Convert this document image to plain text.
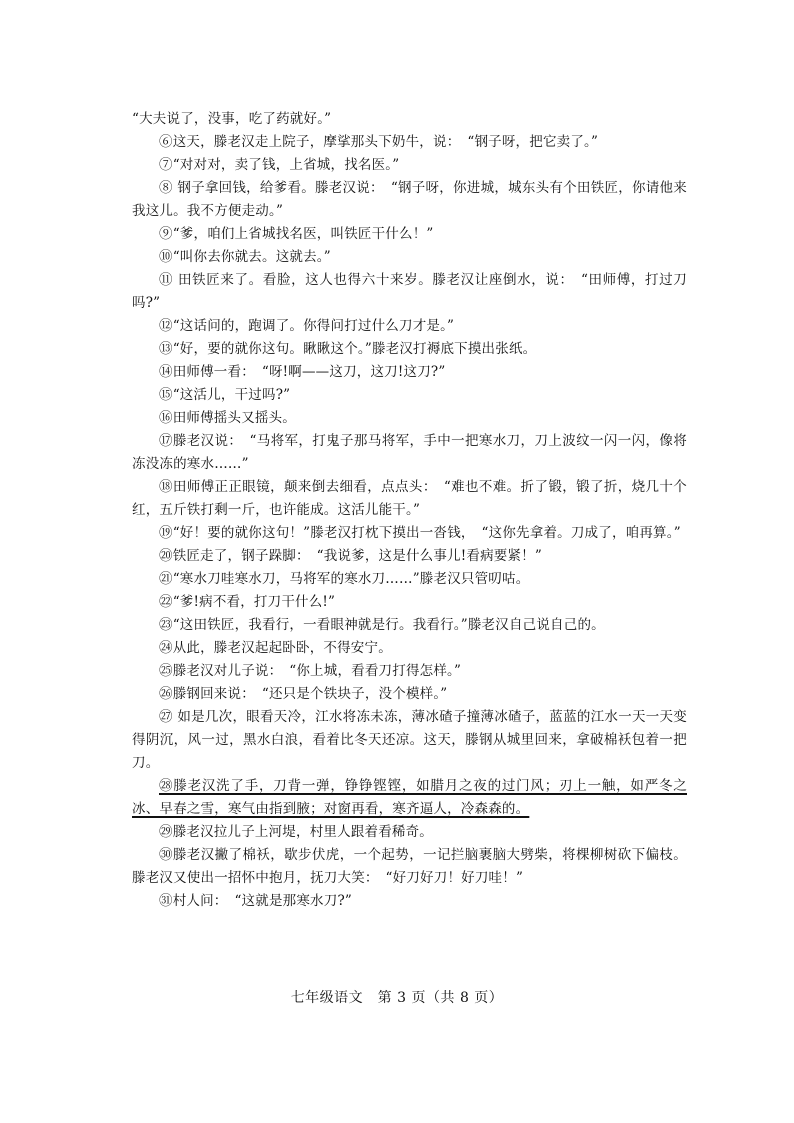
“大夫说了，没事，吃了药就好。”

⑥这天，滕老汉走上院子，摩挲那头下奶牛，说：　“钢子呀，把它卖了。”

⑦“对对对，卖了钱，上省城，找名医。”

⑧ 钢子拿回钱，给爹看。滕老汉说：　“钢子呀，你进城，城东头有个田铁匠，你请他来我这儿。我不方便走动。”

⑨“爹，咱们上省城找名医，叫铁匠干什么！”

⑩“叫你去你就去。这就去。”

⑪ 田铁匠来了。看脸，这人也得六十来岁。滕老汉让座倒水，说：　“田师傅，打过刀吗?”

⑫“这话问的，跑调了。你得问打过什么刀才是。”

⑬“好，要的就你这句。瞅瞅这个。”滕老汉打褥底下摸出张纸。

⑭田师傅一看：　“呀!啊——这刀，这刀!这刀?”

⑮“这活儿，干过吗?”

⑯田师傅摇头又摇头。

⑰滕老汉说：　“马将军，打鬼子那马将军，手中一把寒水刀，刀上波纹一闪一闪，像将冻没冻的寒水……”

⑱田师傅正正眼镜，颠来倒去细看，点点头：　“难也不难。折了锻，锻了折，烧几十个红，五斤铁打剩一斤，也许能成。这活儿能干。”

⑲“好！要的就你这句！”滕老汉打枕下摸出一沓钱，　“这你先拿着。刀成了，咱再算。”

⑳铁匠走了，钢子跺脚：　“我说爹，这是什么事儿!看病要紧！”

㉑“寒水刀哇寒水刀，马将军的寒水刀……”滕老汉只管叨咕。

㉒“爹!病不看，打刀干什么!”

㉓“这田铁匠，我看行，一看眼神就是行。我看行。”滕老汉自己说自己的。

㉔从此，滕老汉起起卧卧，不得安宁。

㉕滕老汉对儿子说：　“你上城，看看刀打得怎样。”

㉖滕钢回来说：　“还只是个铁块子，没个模样。”

㉗ 如是几次，眼看天冷，江水将冻未冻，薄冰碴子撞薄冰碴子，蓝蓝的江水一天一天变得阴沉，风一过，黑水白浪，看着比冬天还凉。这天，滕钢从城里回来，拿破棉袄包着一把刀。

㉘滕老汉洗了手，刀背一弹，铮铮铿铿，如腊月之夜的过门风；刃上一触，如严冬之冰、早春之雪，寒气由指到腋；对窗再看，寒齐逼人，冷森森的。

㉙滕老汉拉儿子上河堤，村里人跟着看稀奇。

㉚滕老汉撇了棉袄，歇步伏虎，一个起势，一记拦脑裹脑大劈柴，将棵柳树砍下偏枝。滕老汉又使出一招怀中抱月，抚刀大笑：　“好刀好刀！好刀哇！”

㉛村人问：　“这就是那寒水刀?”

七年级语文　第 3 页（共 8 页）
